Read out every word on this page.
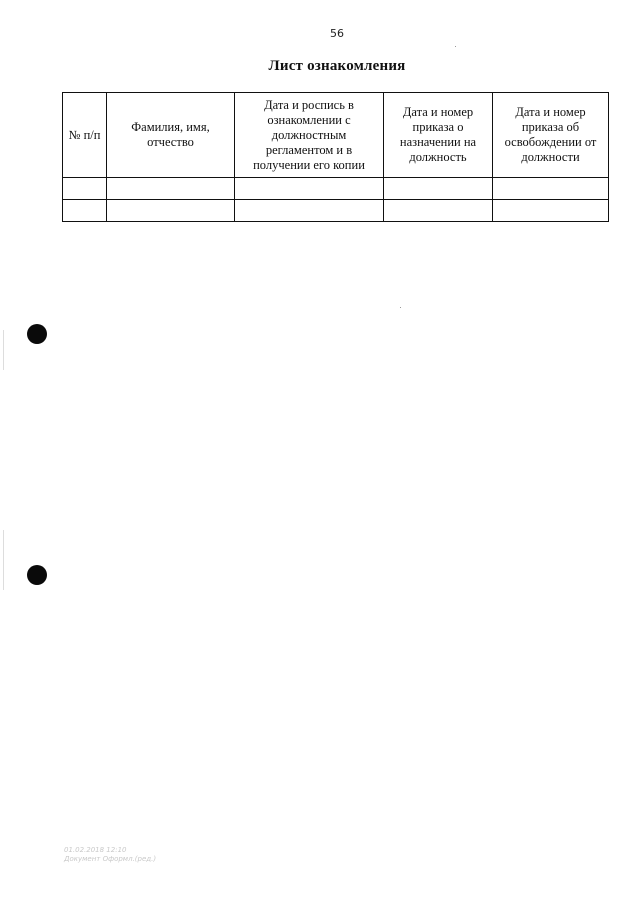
56
Лист ознакомления
№ п/п	Фамилия, имя, отчество	Дата и роспись в ознакомлении с должностным регламентом и в получении его копии	Дата и номер приказа о назначении на должность	Дата и номер приказа об освобождении от должности

01.02.2018 12:10
Документ Оформл.(ред.)
